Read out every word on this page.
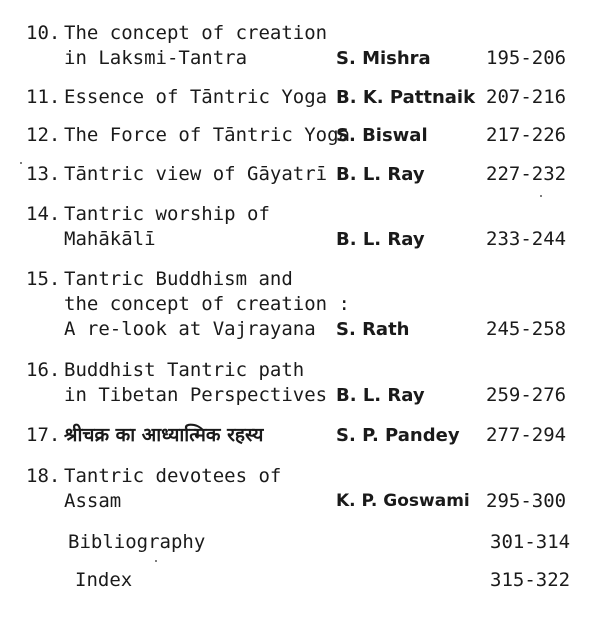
10. The concept of creation
in Laksmi-Tantra	S. Mishra	195-206
11. Essence of Tāntric Yoga B. K. Pattnaik 207-216
12. The Force of Tāntric Yoga
S. Biswal	217-226
13. Tāntric view of Gāyatrī B. L. Ray	227-232
14. Tantric worship of
Mahākālī	B. L. Ray	233-244
15. Tantric Buddhism and
the concept of creation :
A re-look at Vajrayana	S. Rath	245-258
16. Buddhist Tantric path
in Tibetan Perspectives B. L. Ray	259-276
17. श्रीचक्र का आध्यात्मिक रहस्य	S. P. Pandey 277-294
18. Tantric devotees of
Assam	K. P. Goswami 295-300
Bibliography	301-314
Index	315-322
